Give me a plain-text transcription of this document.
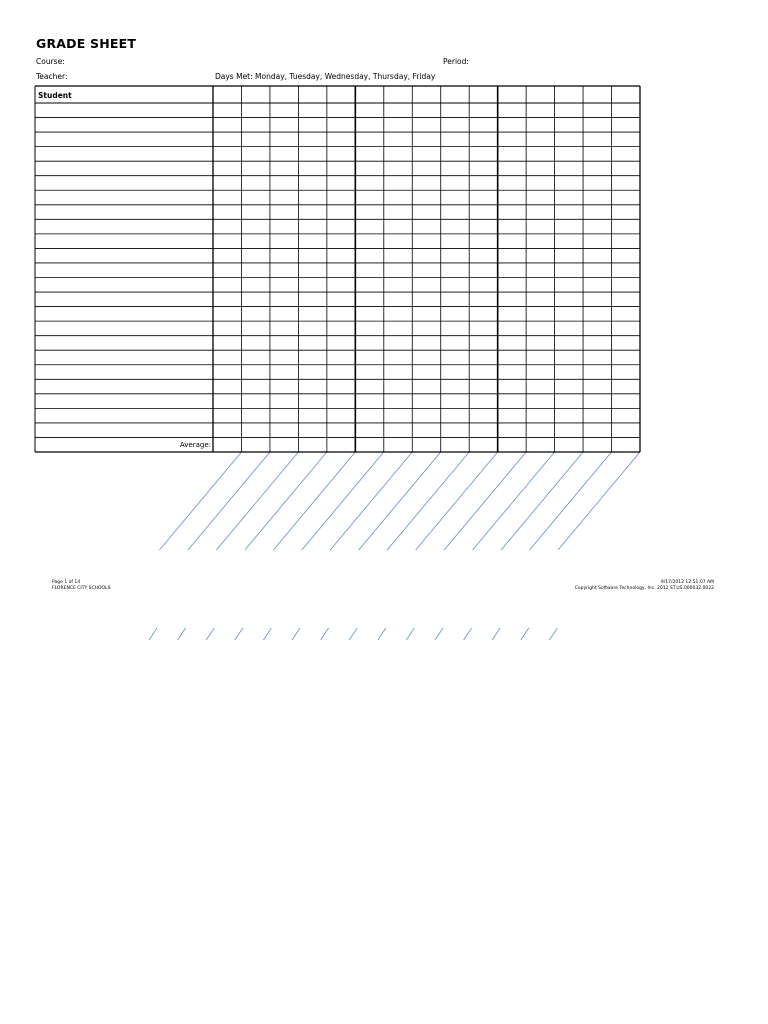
GRADE SHEET
Course:	Period:
Teacher:	Days Met: Monday, Tuesday, Wednesday, Thursday, Friday
Student
Average:
Page 1 of 14
FLORENCE CITY SCHOOLS
9/17/2012 12:51:07 AM
Copyright Software Technology, Inc. 2012 ST.US.000032.0022
